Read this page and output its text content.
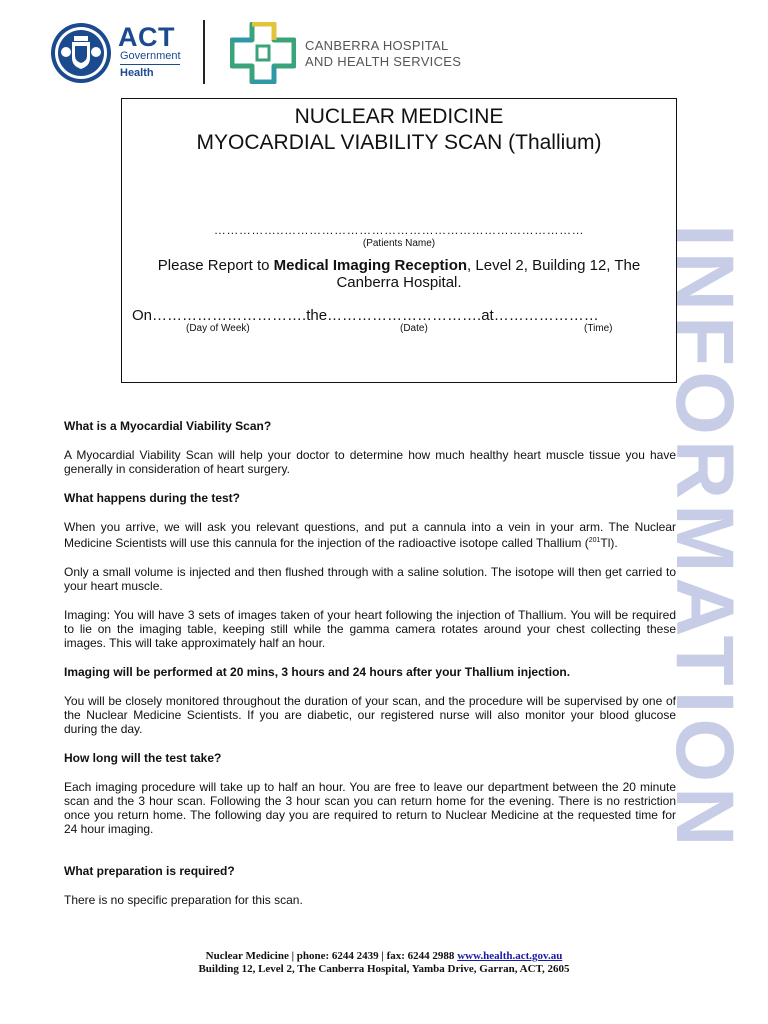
ACT
Government
Health
CANBERRA HOSPITAL
AND HEALTH SERVICES
INFORMATION
NUCLEAR MEDICINE
MYOCARDIAL VIABILITY SCAN (Thallium)
……………..………………………………………………………………
(Patients Name)
Please Report to Medical Imaging Reception, Level 2, Building 12, The
Canberra Hospital.
On………………………….the………………………….at…………………
(Day of Week)	(Date)	(Time)
What is a Myocardial Viability Scan?

A Myocardial Viability Scan will help your doctor to determine how much healthy heart muscle tissue you have generally in consideration of heart surgery.

What happens during the test?

When you arrive, we will ask you relevant questions, and put a cannula into a vein in your arm. The Nuclear Medicine Scientists will use this cannula for the injection of the radioactive isotope called Thallium ($^{201}$Tl).

Only a small volume is injected and then flushed through with a saline solution. The isotope will then get carried to your heart muscle.

Imaging: You will have 3 sets of images taken of your heart following the injection of Thallium. You will be required to lie on the imaging table, keeping still while the gamma camera rotates around your chest collecting these images. This will take approximately half an hour.

Imaging will be performed at 20 mins, 3 hours and 24 hours after your Thallium injection.

You will be closely monitored throughout the duration of your scan, and the procedure will be supervised by one of the Nuclear Medicine Scientists. If you are diabetic, our registered nurse will also monitor your blood glucose during the day.

How long will the test take?

Each imaging procedure will take up to half an hour. You are free to leave our department between the 20 minute scan and the 3 hour scan. Following the 3 hour scan you can return home for the evening. There is no restriction once you return home. The following day you are required to return to Nuclear Medicine at the requested time for 24 hour imaging.

What preparation is required?

There is no specific preparation for this scan.

Nuclear Medicine | phone: 6244 2439 | fax: 6244 2988 www.health.act.gov.au
Building 12, Level 2, The Canberra Hospital, Yamba Drive, Garran, ACT, 2605
